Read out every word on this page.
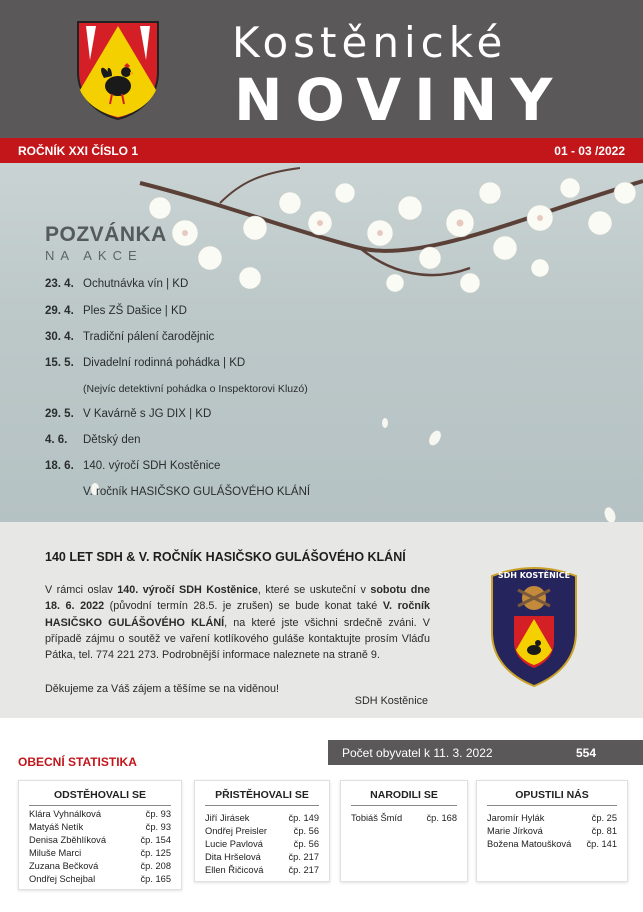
Kostěnické
NOVINY
ROČNÍK XXI ČÍSLO 1	01 - 03 /2022
POZVÁNKA
NA AKCE
23. 4. Ochutnávka vín | KD
29. 4. Ples ZŠ Dašice | KD
30. 4. Tradiční pálení čarodějnic
15. 5. Divadelní rodinná pohádka | KD
(Nejvíc detektivní pohádka o Inspektorovi Kluzó)
29. 5. V Kavárně s JG DIX | KD
4. 6. Dětský den
18. 6. 140. výročí SDH Kostěnice
V. ročník HASIČSKO GULÁŠOVÉHO KLÁNÍ
140 LET SDH & V. ROČNÍK HASIČSKO GULÁŠOVÉHO KLÁNÍ
V rámci oslav 140. výročí SDH Kostěnice, které se uskuteční v sobotu dne 18. 6. 2022 (původní termín 28.5. je zrušen) se bude konat také V. ročník HASIČSKO GULÁŠOVÉHO KLÁNÍ, na které jste všichni srdečně zváni. V případě zájmu o soutěž ve vaření kotlíkového guláše kontaktujte prosím Vláďu Pátka, tel. 774 221 273. Podrobnější informace naleznete na straně 9.
Děkujeme za Váš zájem a těšíme se na viděnou!
SDH Kostěnice
SDH KOSTĚNICE
OBECNÍ STATISTIKA
Počet obyvatel k 11. 3. 2022	554
ODSTĚHOVALI SE
Klára Vyhnálková	čp. 93
Matyáš Netík	čp. 93
Denisa Zběhlíková	čp. 154
Miluše Marci	čp. 125
Zuzana Bečková	čp. 208
Ondřej Schejbal	čp. 165
PŘISTĚHOVALI SE
Jiří Jirásek	čp. 149
Ondřej Preisler	čp. 56
Lucie Pavlová	čp. 56
Dita Hršelová	čp. 217
Ellen Řičicová	čp. 217
NARODILI SE
Tobiáš Šmíd	čp. 168
OPUSTILI NÁS
Jaromír Hylák	čp. 25
Marie Jírková	čp. 81
Božena Matoušková čp. 141
